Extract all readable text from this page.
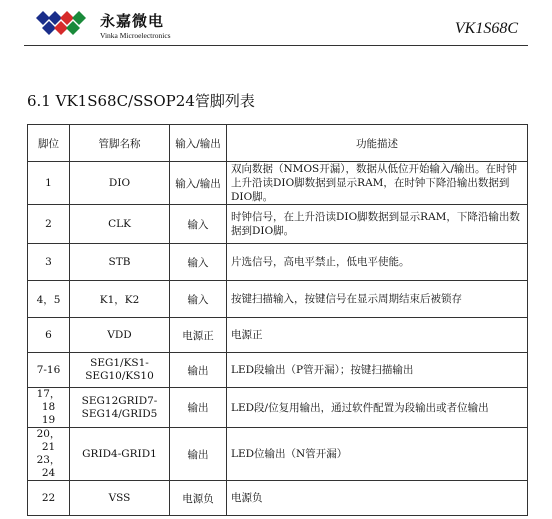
永嘉微电
Vinka Microelectronics	VK1S68C
6.1 VK1S68C/SSOP24管脚列表
脚位	管脚名称	输入/输出	功能描述
1	DIO	输入/输出	双向数据（NMOS开漏），数据从低位开始输入/输出。在时钟上升沿读DIO脚数据到显示RAM，在时钟下降沿输出数据到DIO脚。
2	CLK	输入	时钟信号，在上升沿读DIO脚数据到显示RAM，下降沿输出数据到DIO脚。
3	STB	输入	片选信号，高电平禁止，低电平使能。
4，5	K1，K2	输入	按键扫描输入，按键信号在显示周期结束后被锁存
6	VDD	电源正	电源正
7-16	SEG1/KS1-
SEG10/KS10	输出	LED段输出（P管开漏）；按键扫描输出

17，18
19	SEG12GRID7-
SEG14/GRID5	输出	LED段/位复用输出，通过软件配置为段输出或者位输出

20，21
23，24	GRID4-GRID1	输出	LED位输出（N管开漏）
22	VSS	电源负	电源负
